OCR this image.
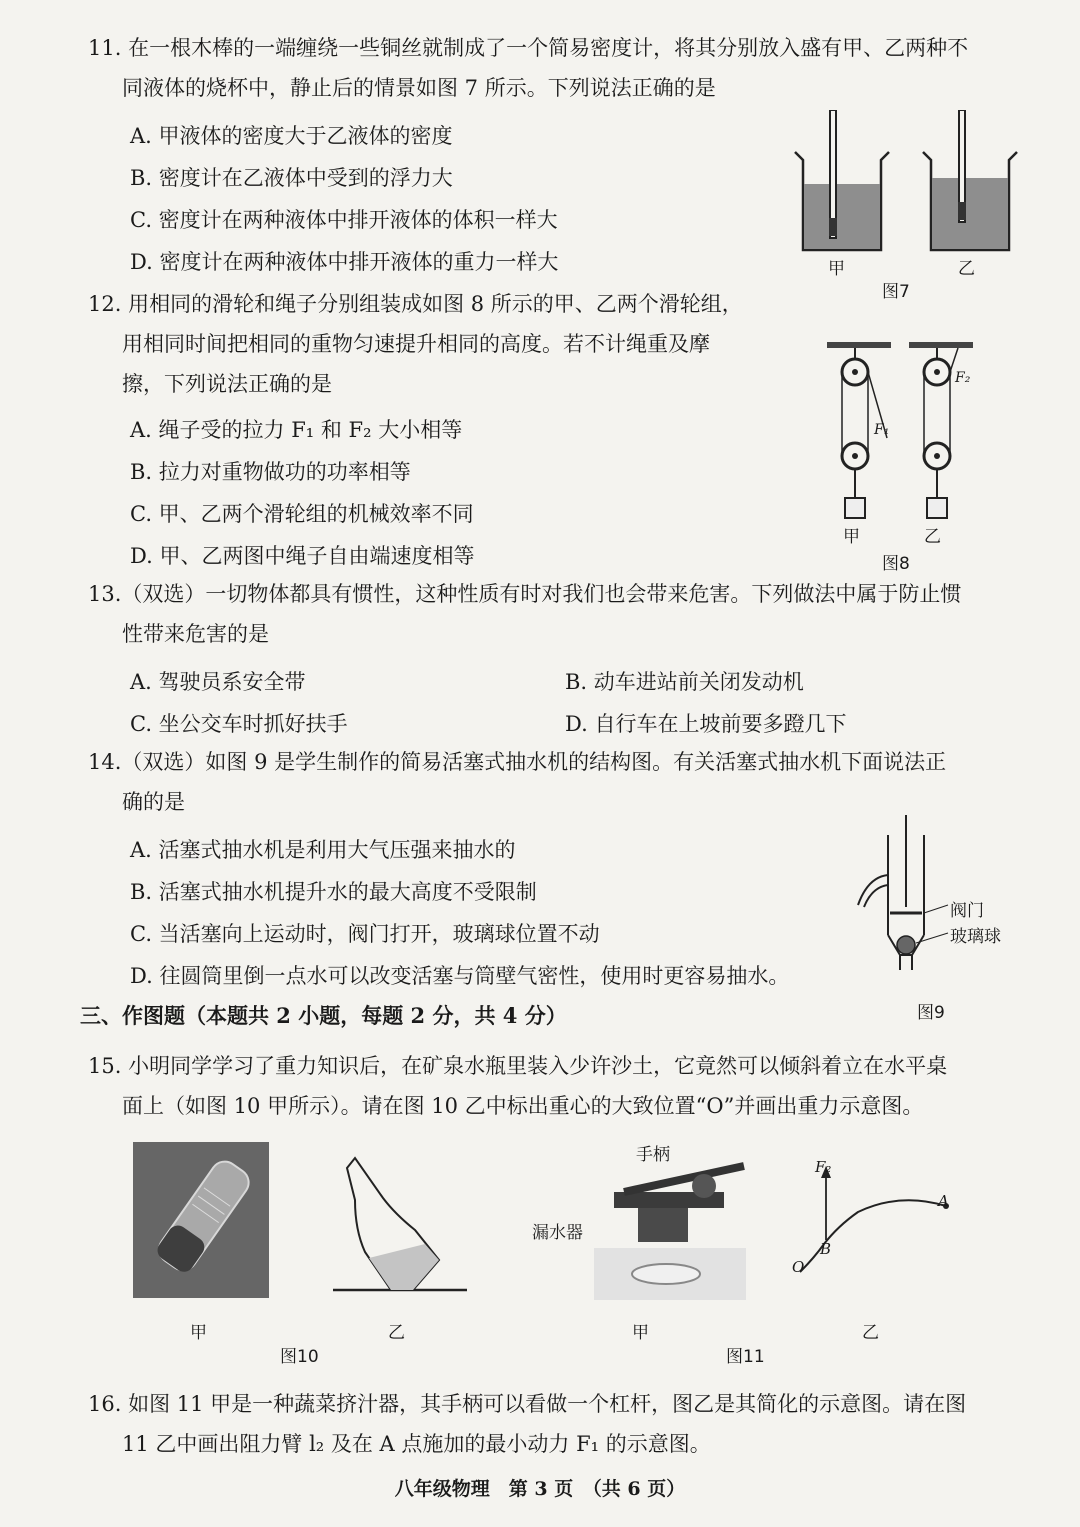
11. 在一根木棒的一端缠绕一些铜丝就制成了一个简易密度计，将其分别放入盛有甲、乙两种不
同液体的烧杯中，静止后的情景如图 7 所示。下列说法正确的是
A. 甲液体的密度大于乙液体的密度
B. 密度计在乙液体中受到的浮力大
C. 密度计在两种液体中排开液体的体积一样大
D. 密度计在两种液体中排开液体的重力一样大	甲	乙
图7
12. 用相同的滑轮和绳子分别组装成如图 8 所示的甲、乙两个滑轮组，
用相同时间把相同的重物匀速提升相同的高度。若不计绳重及摩
擦，下列说法正确的是
A. 绳子受的拉力 F₁ 和 F₂ 大小相等
B. 拉力对重物做功的功率相等
C. 甲、乙两个滑轮组的机械效率不同
D. 甲、乙两图中绳子自由端速度相等
F₁
F₂
甲	乙
图8
13.（双选）一切物体都具有惯性，这种性质有时对我们也会带来危害。下列做法中属于防止惯
性带来危害的是
A. 驾驶员系安全带	B. 动车进站前关闭发动机
C. 坐公交车时抓好扶手	D. 自行车在上坡前要多蹬几下
14.（双选）如图 9 是学生制作的简易活塞式抽水机的结构图。有关活塞式抽水机下面说法正
确的是
A. 活塞式抽水机是利用大气压强来抽水的
B. 活塞式抽水机提升水的最大高度不受限制
C. 当活塞向上运动时，阀门打开，玻璃球位置不动
D. 往圆筒里倒一点水可以改变活塞与筒壁气密性，使用时更容易抽水。
阀门
玻璃球
图9
三、作图题（本题共 2 小题，每题 2 分，共 4 分）
15. 小明同学学习了重力知识后，在矿泉水瓶里装入少许沙土，它竟然可以倾斜着立在水平桌
面上（如图 10 甲所示）。请在图 10 乙中标出重心的大致位置“O”并画出重力示意图。
甲	乙
图10
手柄
漏水器
F₂
A
B
O
甲	乙
图11
16. 如图 11 甲是一种蔬菜挤汁器，其手柄可以看做一个杠杆，图乙是其简化的示意图。请在图
11 乙中画出阻力臂 l₂ 及在 A 点施加的最小动力 F₁ 的示意图。
八年级物理　第 3 页　（共 6 页）
